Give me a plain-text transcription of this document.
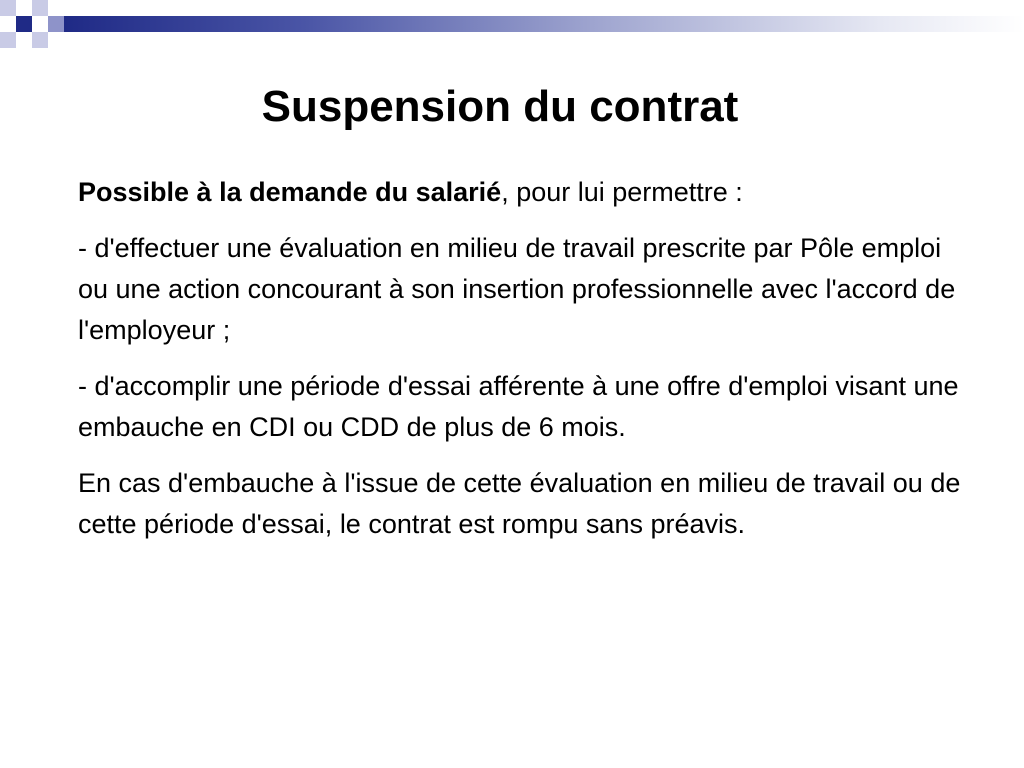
Suspension du contrat

Possible à la demande du salarié, pour lui permettre :

- d'effectuer une évaluation en milieu de travail prescrite par Pôle emploi ou une action concourant à son insertion professionnelle avec l'accord de l'employeur ;

- d'accomplir une période d'essai afférente à une offre d'emploi visant une embauche en CDI ou CDD de plus de 6 mois.

En cas d'embauche à l'issue de cette évaluation en milieu de travail ou de cette période d'essai, le contrat est rompu sans préavis.
